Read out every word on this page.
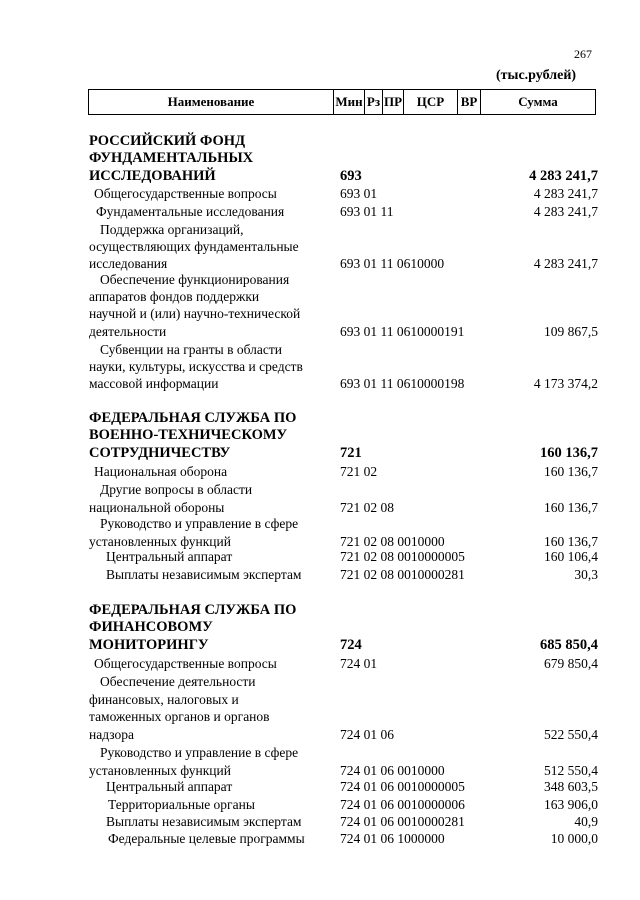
267
(тыс.рублей)
Наименование	Мин Рз ПР	ЦСР	ВР	Сумма
РОССИЙСКИЙ ФОНД
ФУНДАМЕНТАЛЬНЫХ
ИССЛЕДОВАНИЙ	693	4 283 241,7
Общегосударственные вопросы	693 01	4 283 241,7
Фундаментальные исследования	693 01 11	4 283 241,7
Поддержка организаций,
осуществляющих фундаментальные
исследования	693 01 11 0610000	4 283 241,7
Обеспечение функционирования
аппаратов фондов поддержки
научной и (или) научно-технической
деятельности	693 01 11 0610000191	109 867,5
Субвенции на гранты в области
науки, культуры, искусства и средств
массовой информации	693 01 11 0610000198	4 173 374,2
ФЕДЕРАЛЬНАЯ СЛУЖБА ПО
ВОЕННО-ТЕХНИЧЕСКОМУ
СОТРУДНИЧЕСТВУ	721	160 136,7
Национальная оборона	721 02	160 136,7
Другие вопросы в области
национальной обороны	721 02 08	160 136,7
Руководство и управление в сфере
установленных функций	721 02 08 0010000	160 136,7
Центральный аппарат	721 02 08 0010000005	160 106,4
Выплаты независимым экспертам	721 02 08 0010000281	30,3
ФЕДЕРАЛЬНАЯ СЛУЖБА ПО
ФИНАНСОВОМУ
МОНИТОРИНГУ	724	685 850,4
Общегосударственные вопросы	724 01	679 850,4
Обеспечение деятельности
финансовых, налоговых и
таможенных органов и органов
надзора	724 01 06	522 550,4
Руководство и управление в сфере
установленных функций	724 01 06 0010000	512 550,4
Центральный аппарат	724 01 06 0010000005	348 603,5
Территориальные органы	724 01 06 0010000006	163 906,0
Выплаты независимым экспертам	724 01 06 0010000281	40,9
Федеральные целевые программы	724 01 06 1000000	10 000,0
